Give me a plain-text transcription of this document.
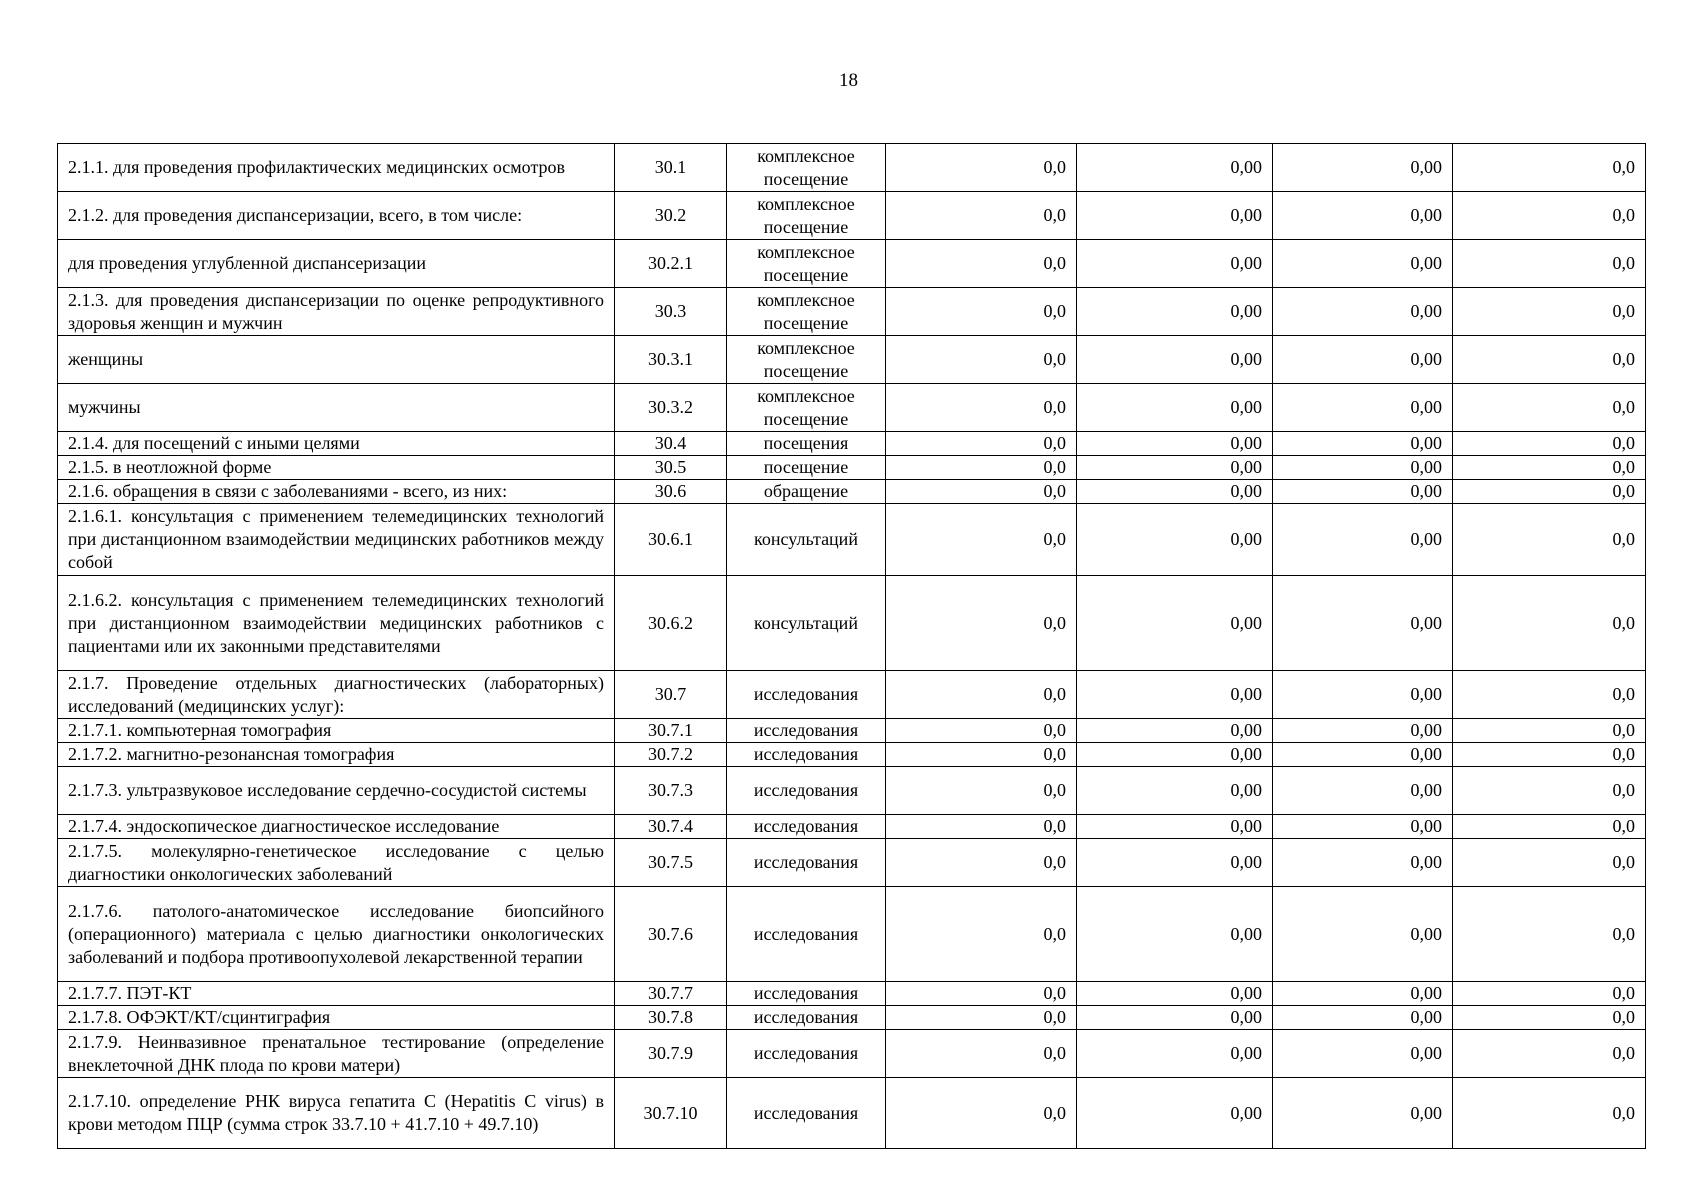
18
2.1.1. для проведения профилактических медицинских осмотров	30.1	комплексное посещение	0,0	0,00	0,00	0,0
2.1.2. для проведения диспансеризации, всего, в том числе:	30.2	комплексное посещение	0,0	0,00	0,00	0,0
для проведения углубленной диспансеризации	30.2.1	комплексное посещение	0,0	0,00	0,00	0,0
2.1.3. для проведения диспансеризации по оценке репродуктивного здоровья женщин и мужчин	30.3	комплексное посещение	0,0	0,00	0,00	0,0
женщины	30.3.1	комплексное посещение	0,0	0,00	0,00	0,0
мужчины	30.3.2	комплексное посещение	0,0	0,00	0,00	0,0
2.1.4. для посещений с иными целями	30.4	посещения	0,0	0,00	0,00	0,0
2.1.5. в неотложной форме	30.5	посещение	0,0	0,00	0,00	0,0
2.1.6. обращения в связи с заболеваниями - всего, из них:	30.6	обращение	0,0	0,00	0,00	0,0
2.1.6.1. консультация с применением телемедицинских технологий при дистанционном взаимодействии медицинских работников между собой	30.6.1	консультаций	0,0	0,00	0,00	0,0
2.1.6.2. консультация с применением телемедицинских технологий при дистанционном взаимодействии медицинских работников с пациентами или их законными представителями	30.6.2	консультаций	0,0	0,00	0,00	0,0
2.1.7. Проведение отдельных диагностических (лабораторных) исследований (медицинских услуг):	30.7	исследования	0,0	0,00	0,00	0,0
2.1.7.1. компьютерная томография	30.7.1	исследования	0,0	0,00	0,00	0,0
2.1.7.2. магнитно-резонансная томография	30.7.2	исследования	0,0	0,00	0,00	0,0
2.1.7.3. ультразвуковое исследование сердечно-сосудистой системы	30.7.3	исследования	0,0	0,00	0,00	0,0
2.1.7.4. эндоскопическое диагностическое исследование	30.7.4	исследования	0,0	0,00	0,00	0,0
2.1.7.5. молекулярно-генетическое исследование с целью диагностики онкологических заболеваний	30.7.5	исследования	0,0	0,00	0,00	0,0
2.1.7.6. патолого-анатомическое исследование биопсийного (операционного) материала с целью диагностики онкологических заболеваний и подбора противоопухолевой лекарственной терапии	30.7.6	исследования	0,0	0,00	0,00	0,0
2.1.7.7. ПЭТ-КТ	30.7.7	исследования	0,0	0,00	0,00	0,0
2.1.7.8. ОФЭКТ/КТ/сцинтиграфия	30.7.8	исследования	0,0	0,00	0,00	0,0
2.1.7.9. Неинвазивное пренатальное тестирование (определение внеклеточной ДНК плода по крови матери)	30.7.9	исследования	0,0	0,00	0,00	0,0
2.1.7.10. определение РНК вируса гепатита С (Hepatitis C virus) в крови методом ПЦР (сумма строк 33.7.10 + 41.7.10 + 49.7.10)	30.7.10	исследования	0,0	0,00	0,00	0,0
